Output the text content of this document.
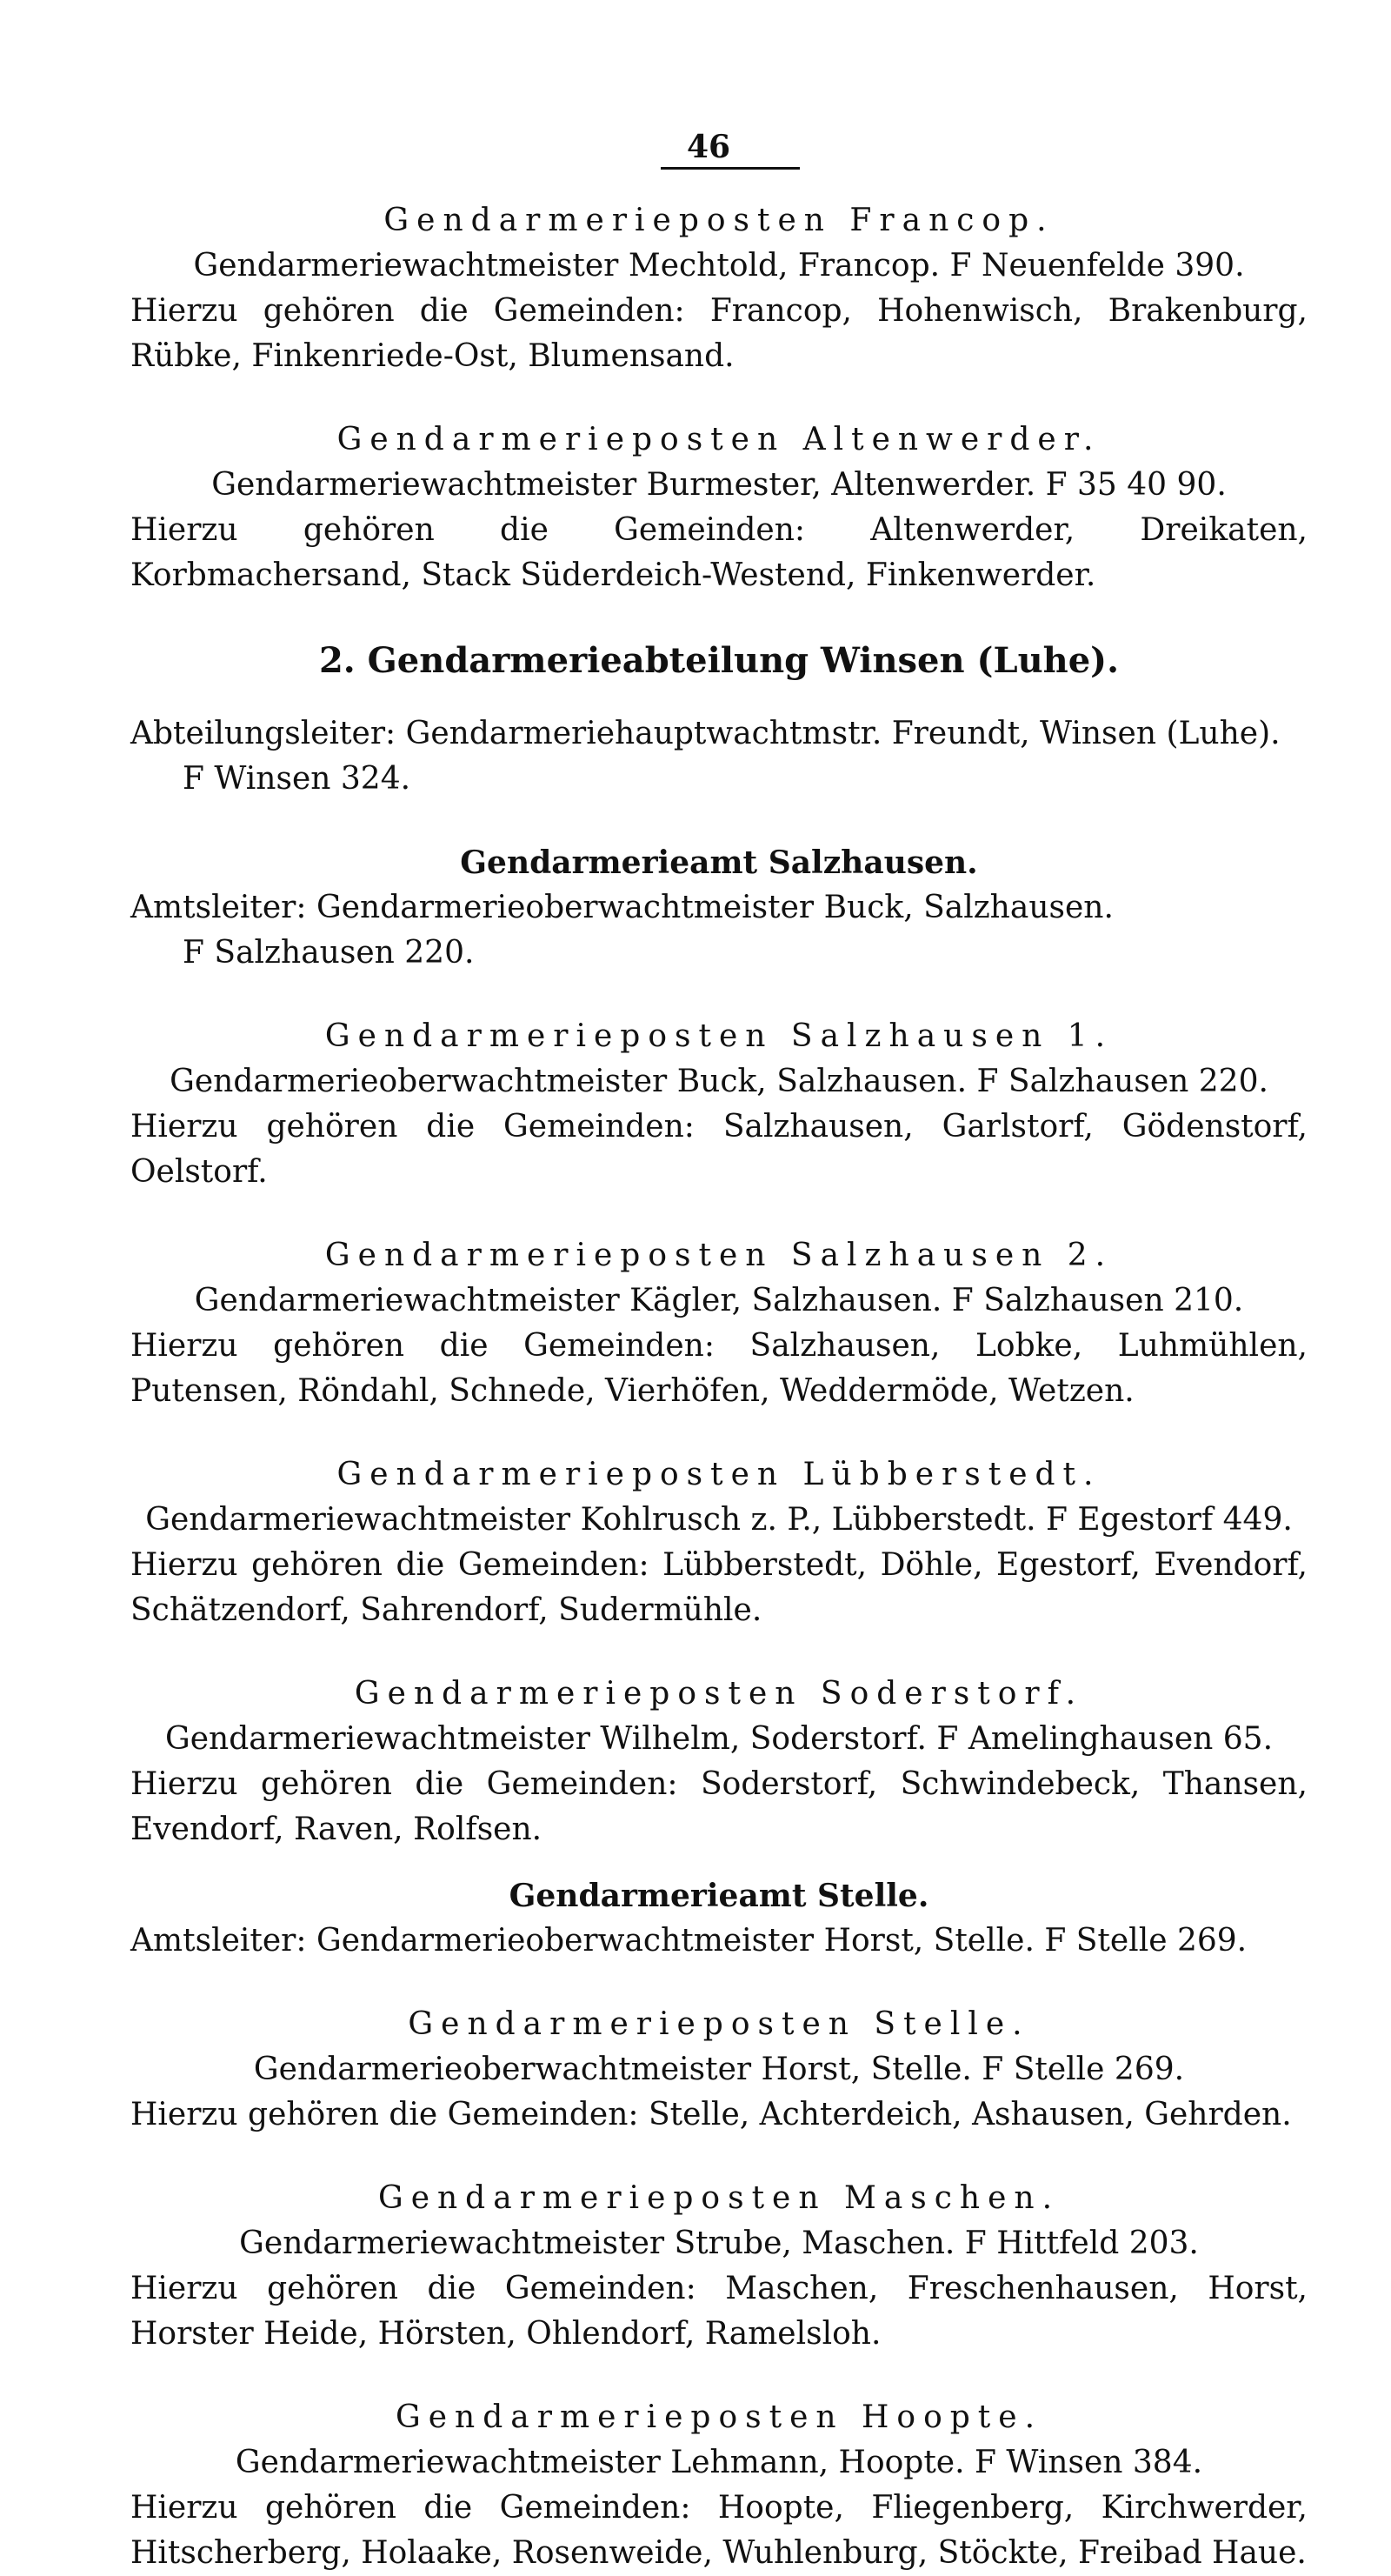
46

Gendarmerieposten Francop.

Gendarmeriewachtmeister Mechtold, Francop. F Neuenfelde 390.

Hierzu gehören die Gemeinden: Francop, Hohenwisch, Brakenburg, Rübke, Finkenriede-Ost, Blumensand.

Gendarmerieposten Altenwerder.

Gendarmeriewachtmeister Burmester, Altenwerder. F 35 40 90.

Hierzu gehören die Gemeinden: Altenwerder, Dreikaten, Korbmachersand, Stack Süderdeich-Westend, Finkenwerder.

2. Gendarmerieabteilung Winsen (Luhe).

Abteilungsleiter: Gendarmeriehauptwachtmstr. Freundt, Winsen (Luhe).

F Winsen 324.

Gendarmerieamt Salzhausen.

Amtsleiter: Gendarmerieoberwachtmeister Buck, Salzhausen.

F Salzhausen 220.

Gendarmerieposten Salzhausen 1.

Gendarmerieoberwachtmeister Buck, Salzhausen. F Salzhausen 220.

Hierzu gehören die Gemeinden: Salzhausen, Garlstorf, Gödenstorf, Oelstorf.

Gendarmerieposten Salzhausen 2.

Gendarmeriewachtmeister Kägler, Salzhausen. F Salzhausen 210.

Hierzu gehören die Gemeinden: Salzhausen, Lobke, Luhmühlen, Putensen, Röndahl, Schnede, Vierhöfen, Weddermöde, Wetzen.

Gendarmerieposten Lübberstedt.

Gendarmeriewachtmeister Kohlrusch z. P., Lübberstedt. F Egestorf 449.

Hierzu gehören die Gemeinden: Lübberstedt, Döhle, Egestorf, Evendorf, Schätzendorf, Sahrendorf, Sudermühle.

Gendarmerieposten Soderstorf.

Gendarmeriewachtmeister Wilhelm, Soderstorf. F Amelinghausen 65.

Hierzu gehören die Gemeinden: Soderstorf, Schwindebeck, Thansen, Evendorf, Raven, Rolfsen.

Gendarmerieamt Stelle.

Amtsleiter: Gendarmerieoberwachtmeister Horst, Stelle. F Stelle 269.

Gendarmerieposten Stelle.

Gendarmerieoberwachtmeister Horst, Stelle. F Stelle 269.

Hierzu gehören die Gemeinden: Stelle, Achterdeich, Ashausen, Gehrden.

Gendarmerieposten Maschen.

Gendarmeriewachtmeister Strube, Maschen. F Hittfeld 203.

Hierzu gehören die Gemeinden: Maschen, Freschenhausen, Horst, Horster Heide, Hörsten, Ohlendorf, Ramelsloh.

Gendarmerieposten Hoopte.

Gendarmeriewachtmeister Lehmann, Hoopte. F Winsen 384.

Hierzu gehören die Gemeinden: Hoopte, Fliegenberg, Kirchwerder, Hitscherberg, Holaake, Rosenweide, Wuhlenburg, Stöckte, Freibad Haue.
